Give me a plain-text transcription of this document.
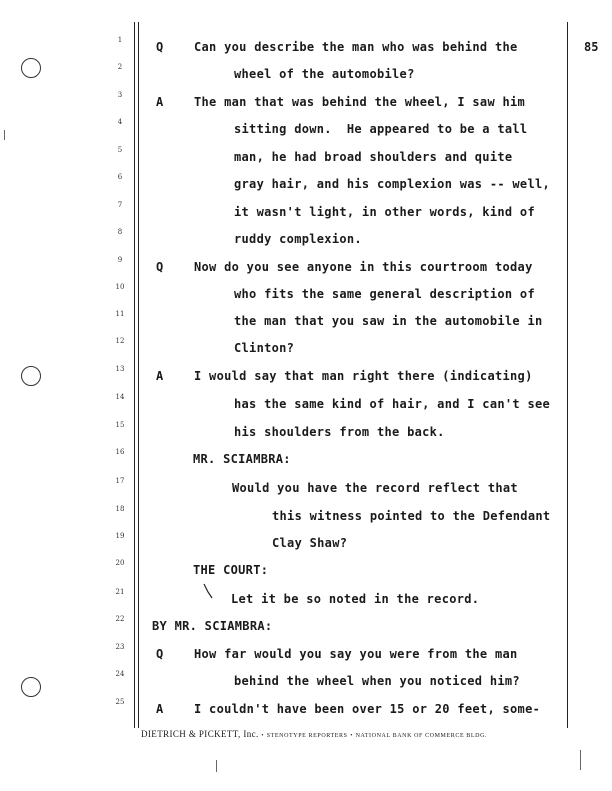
85
1
2
3
4
5
6
7
8
9
10
11
12
13
14
15
16
17
18
19
20
21
22
23
24
25
Q	Can you describe the man who was behind the
wheel of the automobile?
A	The man that was behind the wheel, I saw him
sitting down.  He appeared to be a tall
man, he had broad shoulders and quite
gray hair, and his complexion was -- well,
it wasn't light, in other words, kind of
ruddy complexion.
Q	Now do you see anyone in this courtroom today
who fits the same general description of
the man that you saw in the automobile in
Clinton?
A	I would say that man right there (indicating)
has the same kind of hair, and I can't see
his shoulders from the back.
MR. SCIAMBRA:
Would you have the record reflect that
this witness pointed to the Defendant
Clay Shaw?
THE COURT:
Let it be so noted in the record.
BY MR. SCIAMBRA:
Q	How far would you say you were from the man
behind the wheel when you noticed him?
A	I couldn't have been over 15 or 20 feet, some-
DIETRICH & PICKETT, Inc. • STENOTYPE REPORTERS • NATIONAL BANK OF COMMERCE BLDG.
